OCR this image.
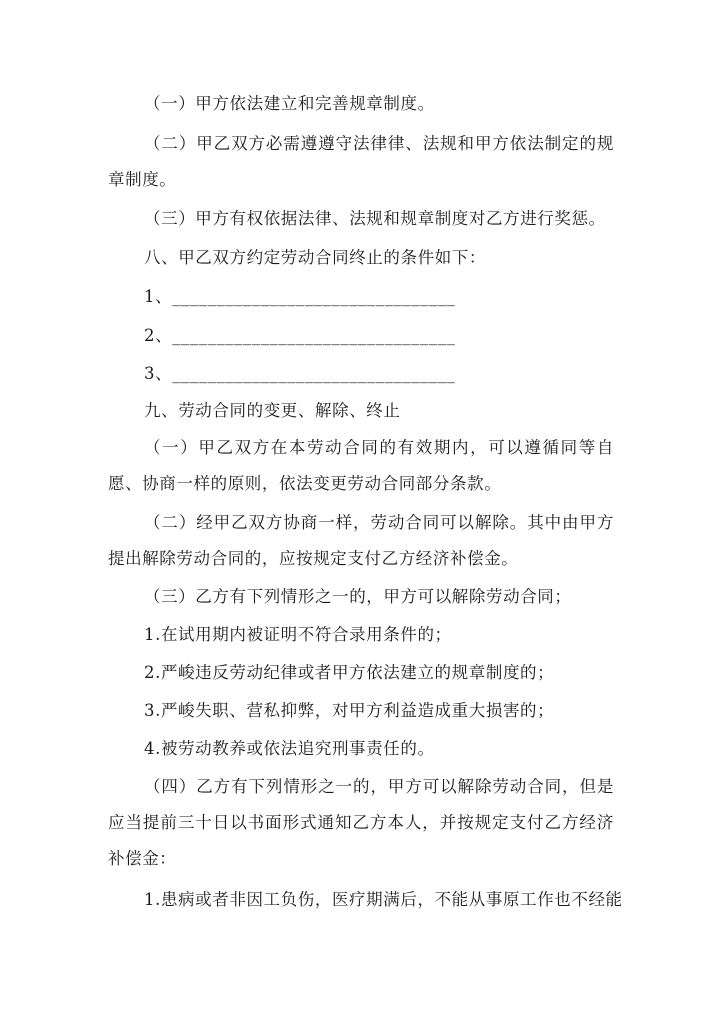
（一）甲方依法建立和完善规章制度。

（二）甲乙双方必需遵遵守法律律、法规和甲方依法制定的规章制度。

（三）甲方有权依据法律、法规和规章制度对乙方进行奖惩。

八、甲乙双方约定劳动合同终止的条件如下：

1、________________________________

2、________________________________

3、________________________________

九、劳动合同的变更、解除、终止

（一）甲乙双方在本劳动合同的有效期内，可以遵循同等自愿、协商一样的原则，依法变更劳动合同部分条款。

（二）经甲乙双方协商一样，劳动合同可以解除。其中由甲方提出解除劳动合同的，应按规定支付乙方经济补偿金。

（三）乙方有下列情形之一的，甲方可以解除劳动合同；

1.在试用期内被证明不符合录用条件的；

2.严峻违反劳动纪律或者甲方依法建立的规章制度的；

3.严峻失职、营私抑弊，对甲方利益造成重大损害的；

4.被劳动教养或依法追究刑事责任的。

（四）乙方有下列情形之一的，甲方可以解除劳动合同，但是应当提前三十日以书面形式通知乙方本人，并按规定支付乙方经济补偿金：

1.患病或者非因工负伤，医疗期满后，不能从事原工作也不经能
